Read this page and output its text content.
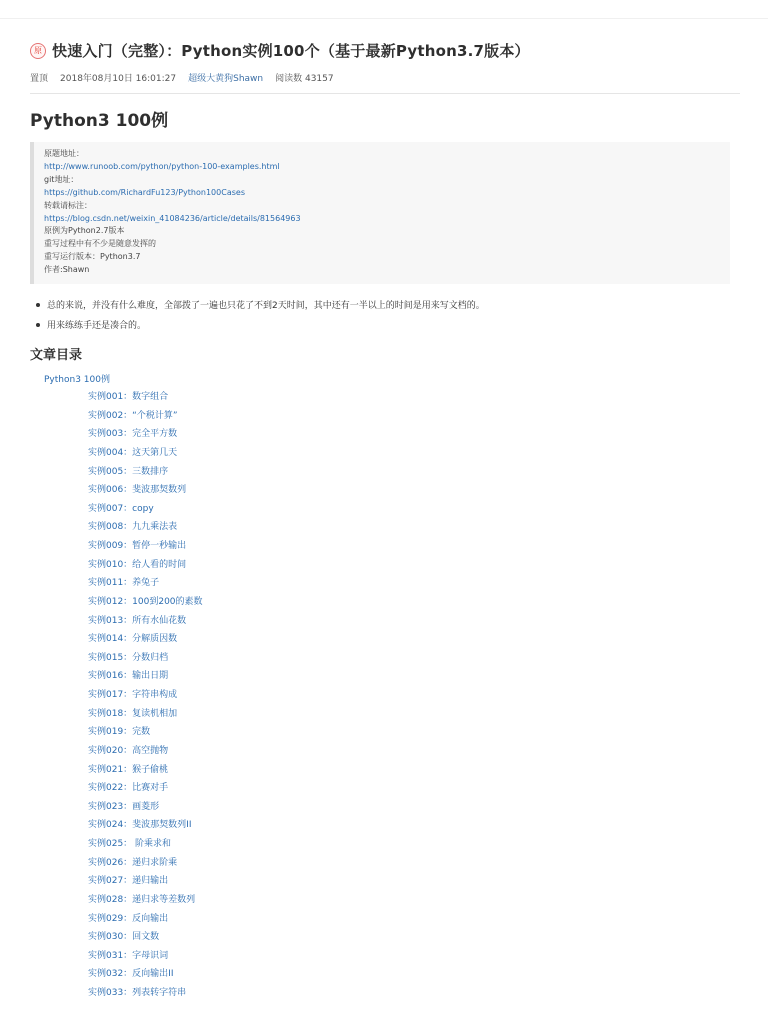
原 快速入门（完整）：Python实例100个（基于最新Python3.7版本）
置顶 2018年08月10日 16:01:27 超级大黄狗Shawn 阅读数 43157
Python3 100例
原题地址：
http://www.runoob.com/python/python-100-examples.html
git地址：
https://github.com/RichardFu123/Python100Cases
转载请标注：
https://blog.csdn.net/weixin_41084236/article/details/81564963
原例为Python2.7版本
重写过程中有不少是随意发挥的
重写运行版本：Python3.7
作者:Shawn
总的来说，并没有什么难度，全部拨了一遍也只花了不到2天时间，其中还有一半以上的时间是用来写文档的。
用来练练手还是凑合的。
文章目录
Python3 100例
实例001：数字组合
实例002：“个税计算”
实例003：完全平方数
实例004：这天第几天
实例005：三数排序
实例006：斐波那契数列
实例007：copy
实例008：九九乘法表
实例009：暂停一秒输出
实例010：给人看的时间
实例011：养兔子
实例012：100到200的素数
实例013：所有水仙花数
实例014：分解质因数
实例015：分数归档
实例016：输出日期
实例017：字符串构成
实例018：复读机相加
实例019：完数
实例020：高空抛物
实例021：猴子偷桃
实例022：比赛对手
实例023：画菱形
实例024：斐波那契数列II
实例025： 阶乘求和
实例026：递归求阶乘
实例027：递归输出
实例028：递归求等差数列
实例029：反向输出
实例030：回文数
实例031：字母识词
实例032：反向输出II
实例033：列表转字符串
